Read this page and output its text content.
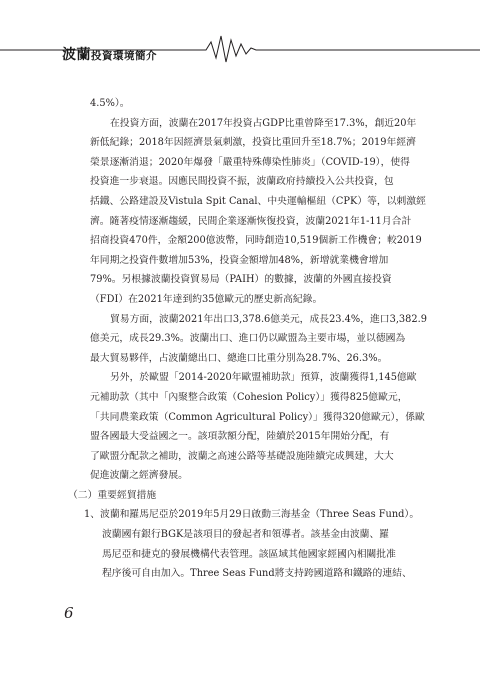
波蘭投資環境簡介
4.5%）。
在投資方面，波蘭在2017年投資占GDP比重曾降至17.3%，創近20年
新低紀錄；2018年因經濟景氣刺激，投資比重回升至18.7%；2019年經濟
榮景逐漸消退；2020年爆發「嚴重特殊傳染性肺炎」（COVID-19），使得
投資進一步衰退。因應民間投資不振，波蘭政府持續投入公共投資，包
括鐵、公路建設及Vistula Spit Canal、中央運輸樞紐（CPK）等，以刺激經
濟。隨著疫情逐漸趨緩，民間企業逐漸恢復投資，波蘭2021年1-11月合計
招商投資470件，金額200億波幣，同時創造10,519個新工作機會；較2019
年同期之投資件數增加53%，投資金額增加48%，新增就業機會增加
79%。另根據波蘭投資貿易局（PAIH）的數據，波蘭的外國直接投資
（FDI）在2021年達到約35億歐元的歷史新高紀錄。
貿易方面，波蘭2021年出口3,378.6億美元，成長23.4%，進口3,382.9
億美元，成長29.3%。波蘭出口、進口仍以歐盟為主要市場，並以德國為
最大貿易夥伴，占波蘭總出口、總進口比重分別為28.7%、26.3%。
另外，於歐盟「2014-2020年歐盟補助款」預算，波蘭獲得1,145億歐
元補助款（其中「內聚整合政策（Cohesion Policy）」獲得825億歐元，
「共同農業政策（Common Agricultural Policy）」獲得320億歐元），係歐
盟各國最大受益國之一。該項款額分配，陸續於2015年開始分配，有
了歐盟分配款之補助，波蘭之高速公路等基礎設施陸續完成興建，大大
促進波蘭之經濟發展。
（二）重要經貿措施
1、波蘭和羅馬尼亞於2019年5月29日啟動三海基金（Three Seas Fund）。
波蘭國有銀行BGK是該項目的發起者和領導者。該基金由波蘭、羅
馬尼亞和捷克的發展機構代表管理。該區域其他國家經國內相關批准
程序後可自由加入。Three Seas Fund將支持跨國道路和鐵路的連結、
6
